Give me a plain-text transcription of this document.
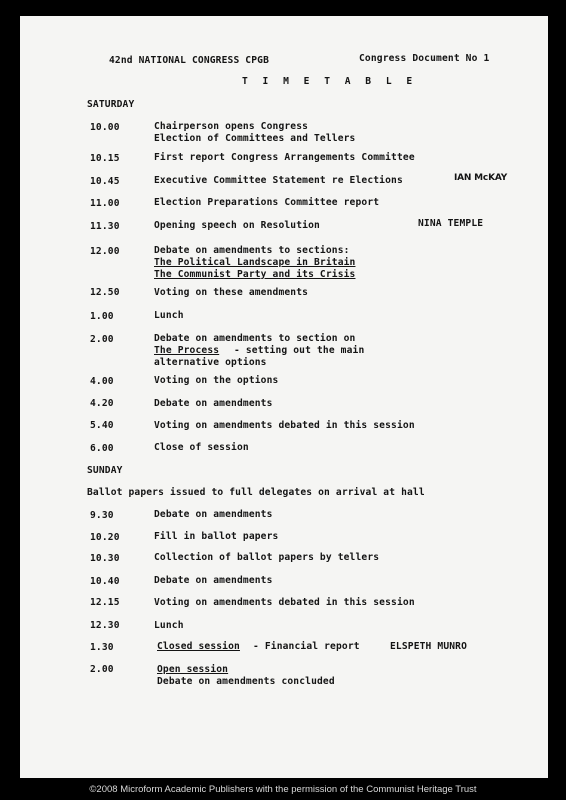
42nd NATIONAL CONGRESS CPGB	Congress Document No 1
T I M E T A B L E
SATURDAY
10.00	Chairperson opens Congress
Election of Committees and Tellers
10.15	First report Congress Arrangements Committee
10.45	Executive Committee Statement re Elections	IAN McKAY
11.00	Election Preparations Committee report
11.30	Opening speech on Resolution	NINA TEMPLE
12.00	Debate on amendments to sections:
The Political Landscape in Britain
The Communist Party and its Crisis
12.50	Voting on these amendments
1.00	Lunch
2.00	Debate on amendments to section on
The Process - setting out the main
alternative options
4.00	Voting on the options
4.20	Debate on amendments
5.40	Voting on amendments debated in this session
6.00	Close of session
SUNDAY
Ballot papers issued to full delegates on arrival at hall
9.30	Debate on amendments
10.20	Fill in ballot papers
10.30	Collection of ballot papers by tellers
10.40	Debate on amendments
12.15	Voting on amendments debated in this session
12.30	Lunch
1.30	Closed session - Financial report	ELSPETH MUNRO
2.00	Open session
Debate on amendments concluded
©2008 Microform Academic Publishers with the permission of the Communist Heritage Trust
